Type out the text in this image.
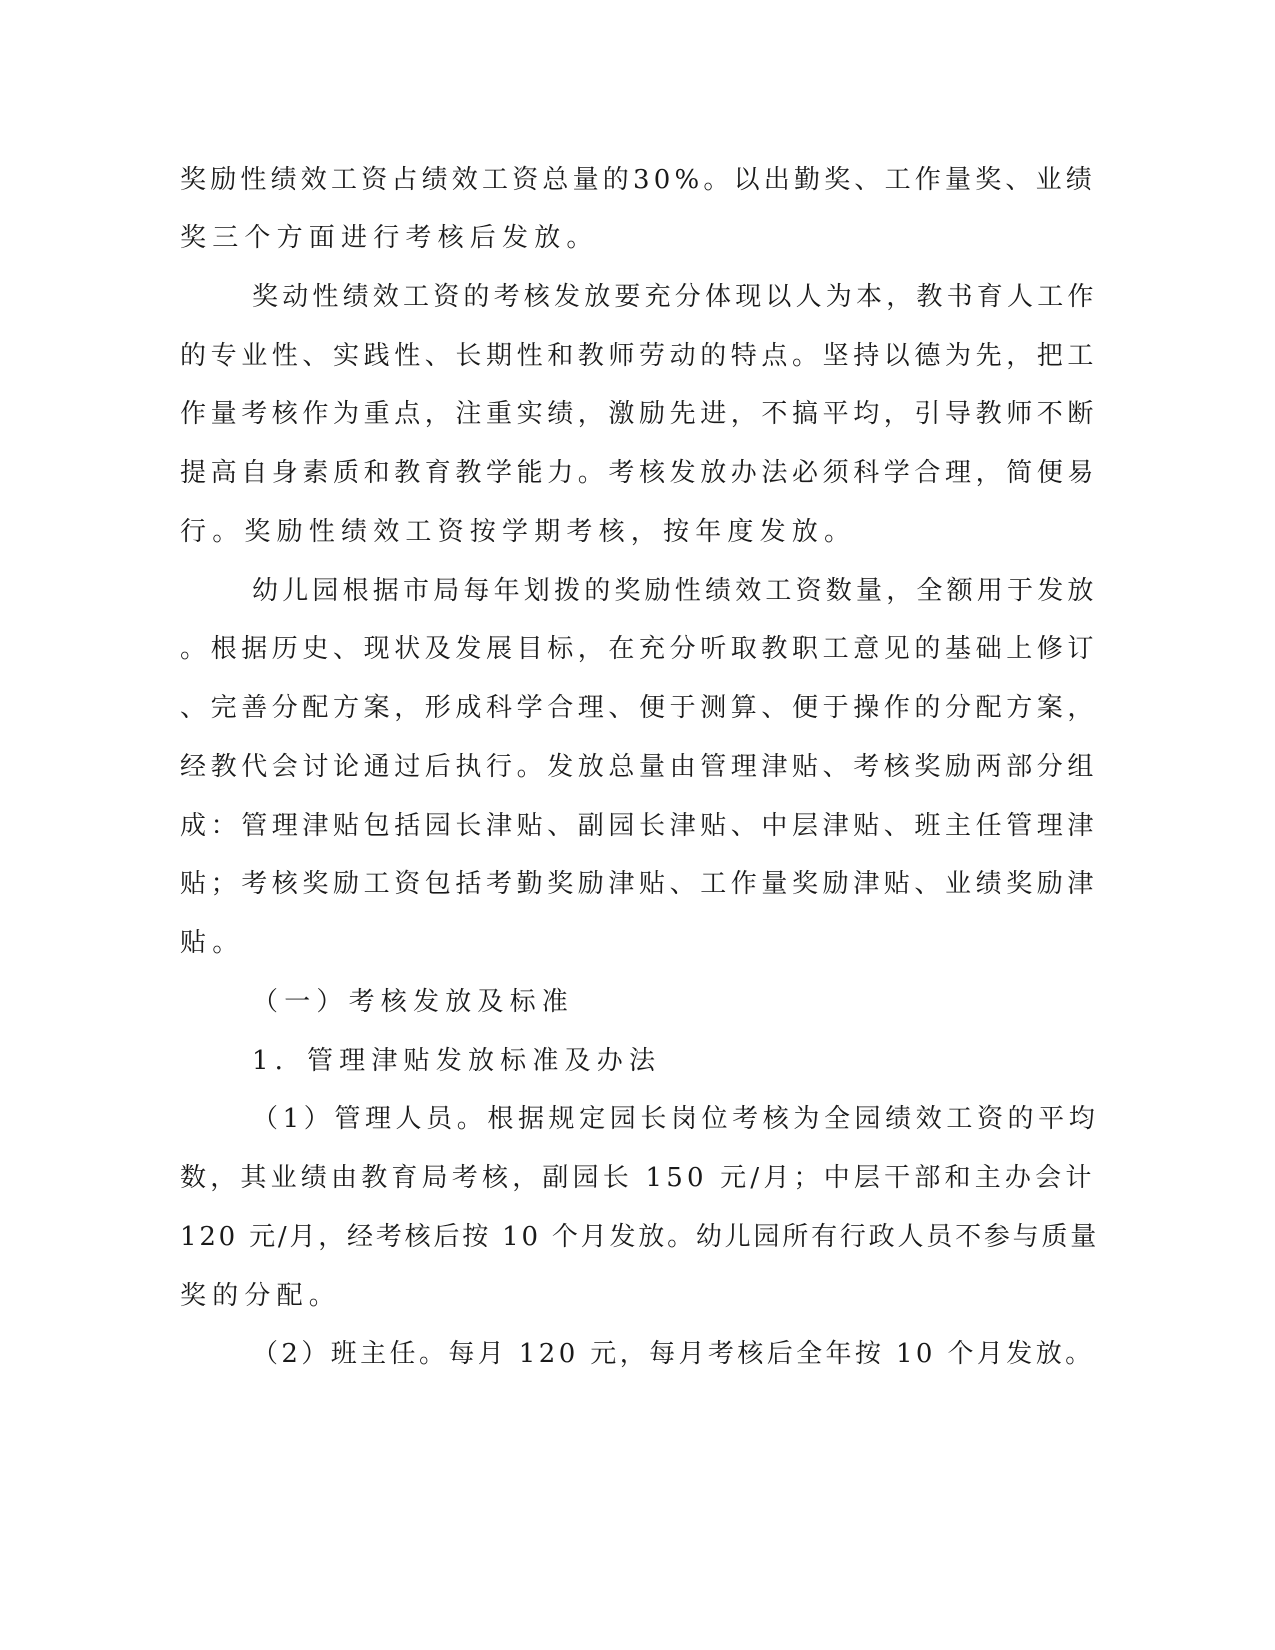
奖励性绩效工资占绩效工资总量的30%。以出勤奖、工作量奖、业绩
奖三个方面进行考核后发放。
奖动性绩效工资的考核发放要充分体现以人为本，教书育人工作
的专业性、实践性、长期性和教师劳动的特点。坚持以德为先，把工
作量考核作为重点，注重实绩，激励先进，不搞平均，引导教师不断
提高自身素质和教育教学能力。考核发放办法必须科学合理，简便易
行。奖励性绩效工资按学期考核，按年度发放。
幼儿园根据市局每年划拨的奖励性绩效工资数量，全额用于发放
。根据历史、现状及发展目标，在充分听取教职工意见的基础上修订
、完善分配方案，形成科学合理、便于测算、便于操作的分配方案，
经教代会讨论通过后执行。发放总量由管理津贴、考核奖励两部分组
成：管理津贴包括园长津贴、副园长津贴、中层津贴、班主任管理津
贴；考核奖励工资包括考勤奖励津贴、工作量奖励津贴、业绩奖励津
贴。
（一）考核发放及标准
1．管理津贴发放标准及办法
（1）管理人员。根据规定园长岗位考核为全园绩效工资的平均
数，其业绩由教育局考核，副园长 150 元/月；中层干部和主办会计
120 元/月，经考核后按 10 个月发放。幼儿园所有行政人员不参与质量
奖的分配。
（2）班主任。每月 120 元，每月考核后全年按 10 个月发放。
